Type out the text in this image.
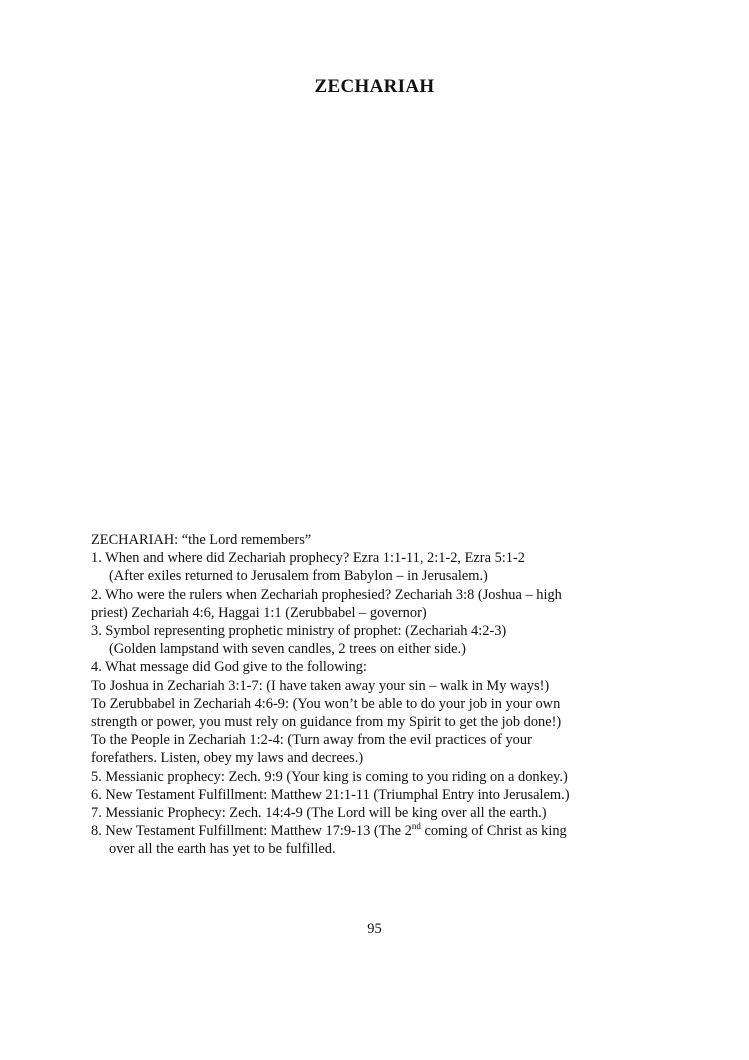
ZECHARIAH
ZECHARIAH: “the Lord remembers”
1. When and where did Zechariah prophecy? Ezra 1:1-11, 2:1-2, Ezra 5:1-2
(After exiles returned to Jerusalem from Babylon – in Jerusalem.)
2. Who were the rulers when Zechariah prophesied? Zechariah 3:8 (Joshua – high
priest) Zechariah 4:6, Haggai 1:1 (Zerubbabel – governor)
3. Symbol representing prophetic ministry of prophet: (Zechariah 4:2-3)
(Golden lampstand with seven candles, 2 trees on either side.)
4. What message did God give to the following:
To Joshua in Zechariah 3:1-7: (I have taken away your sin – walk in My ways!)
To Zerubbabel in Zechariah 4:6-9: (You won’t be able to do your job in your own
strength or power, you must rely on guidance from my Spirit to get the job done!)
To the People in Zechariah 1:2-4: (Turn away from the evil practices of your
forefathers. Listen, obey my laws and decrees.)
5. Messianic prophecy: Zech. 9:9 (Your king is coming to you riding on a donkey.)
6. New Testament Fulfillment: Matthew 21:1-11 (Triumphal Entry into Jerusalem.)
7. Messianic Prophecy: Zech. 14:4-9 (The Lord will be king over all the earth.)
8. New Testament Fulfillment: Matthew 17:9-13 (The 2nd coming of Christ as king
over all the earth has yet to be fulfilled.
95
